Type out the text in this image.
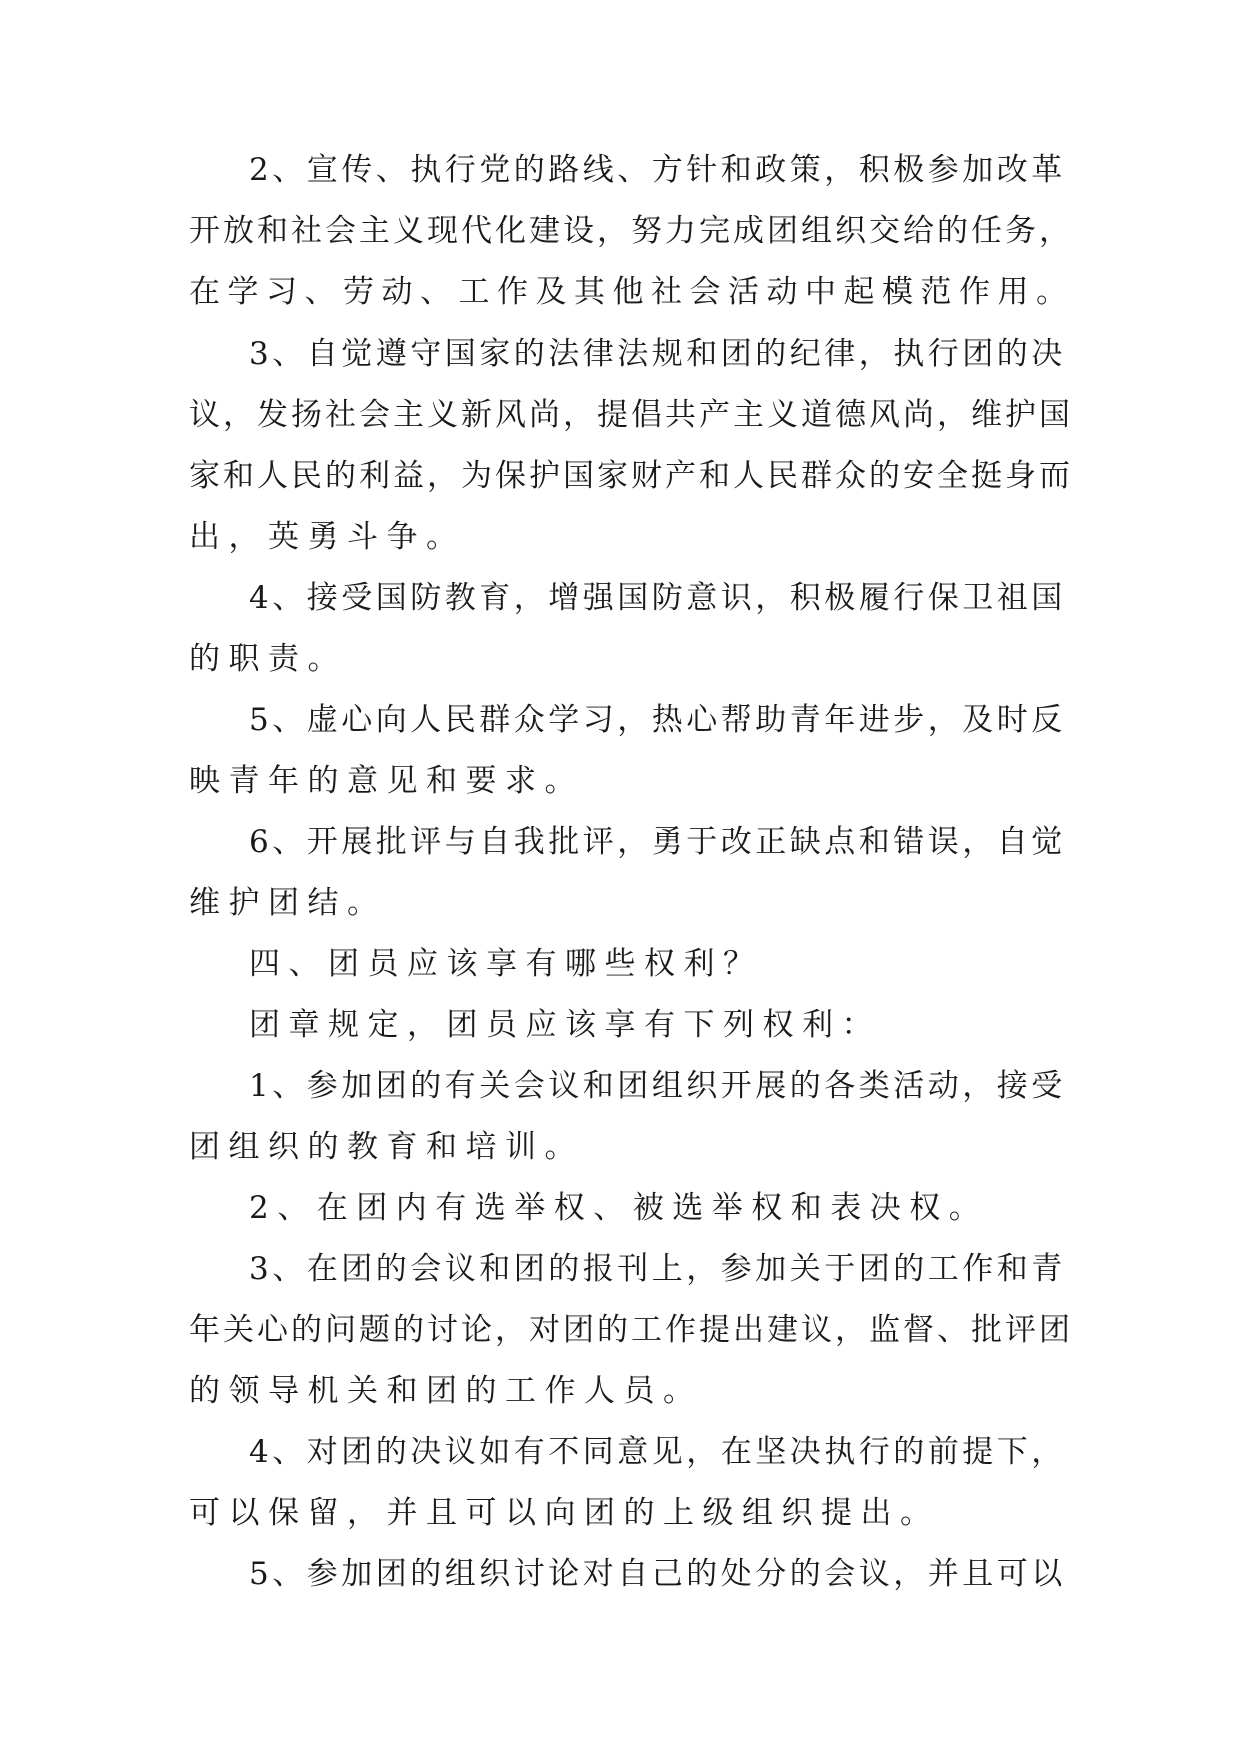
2、宣传、执行党的路线、方针和政策，积极参加改革
开放和社会主义现代化建设，努力完成团组织交给的任务，
在学习、劳动、工作及其他社会活动中起模范作用。
3、自觉遵守国家的法律法规和团的纪律，执行团的决
议，发扬社会主义新风尚，提倡共产主义道德风尚，维护国
家和人民的利益，为保护国家财产和人民群众的安全挺身而
出，英勇斗争。
4、接受国防教育，增强国防意识，积极履行保卫祖国
的职责。
5、虚心向人民群众学习，热心帮助青年进步，及时反
映青年的意见和要求。
6、开展批评与自我批评，勇于改正缺点和错误，自觉
维护团结。
四、团员应该享有哪些权利？
团章规定，团员应该享有下列权利：
1、参加团的有关会议和团组织开展的各类活动，接受
团组织的教育和培训。
2、在团内有选举权、被选举权和表决权。
3、在团的会议和团的报刊上，参加关于团的工作和青
年关心的问题的讨论，对团的工作提出建议，监督、批评团
的领导机关和团的工作人员。
4、对团的决议如有不同意见，在坚决执行的前提下，
可以保留，并且可以向团的上级组织提出。
5、参加团的组织讨论对自己的处分的会议，并且可以
